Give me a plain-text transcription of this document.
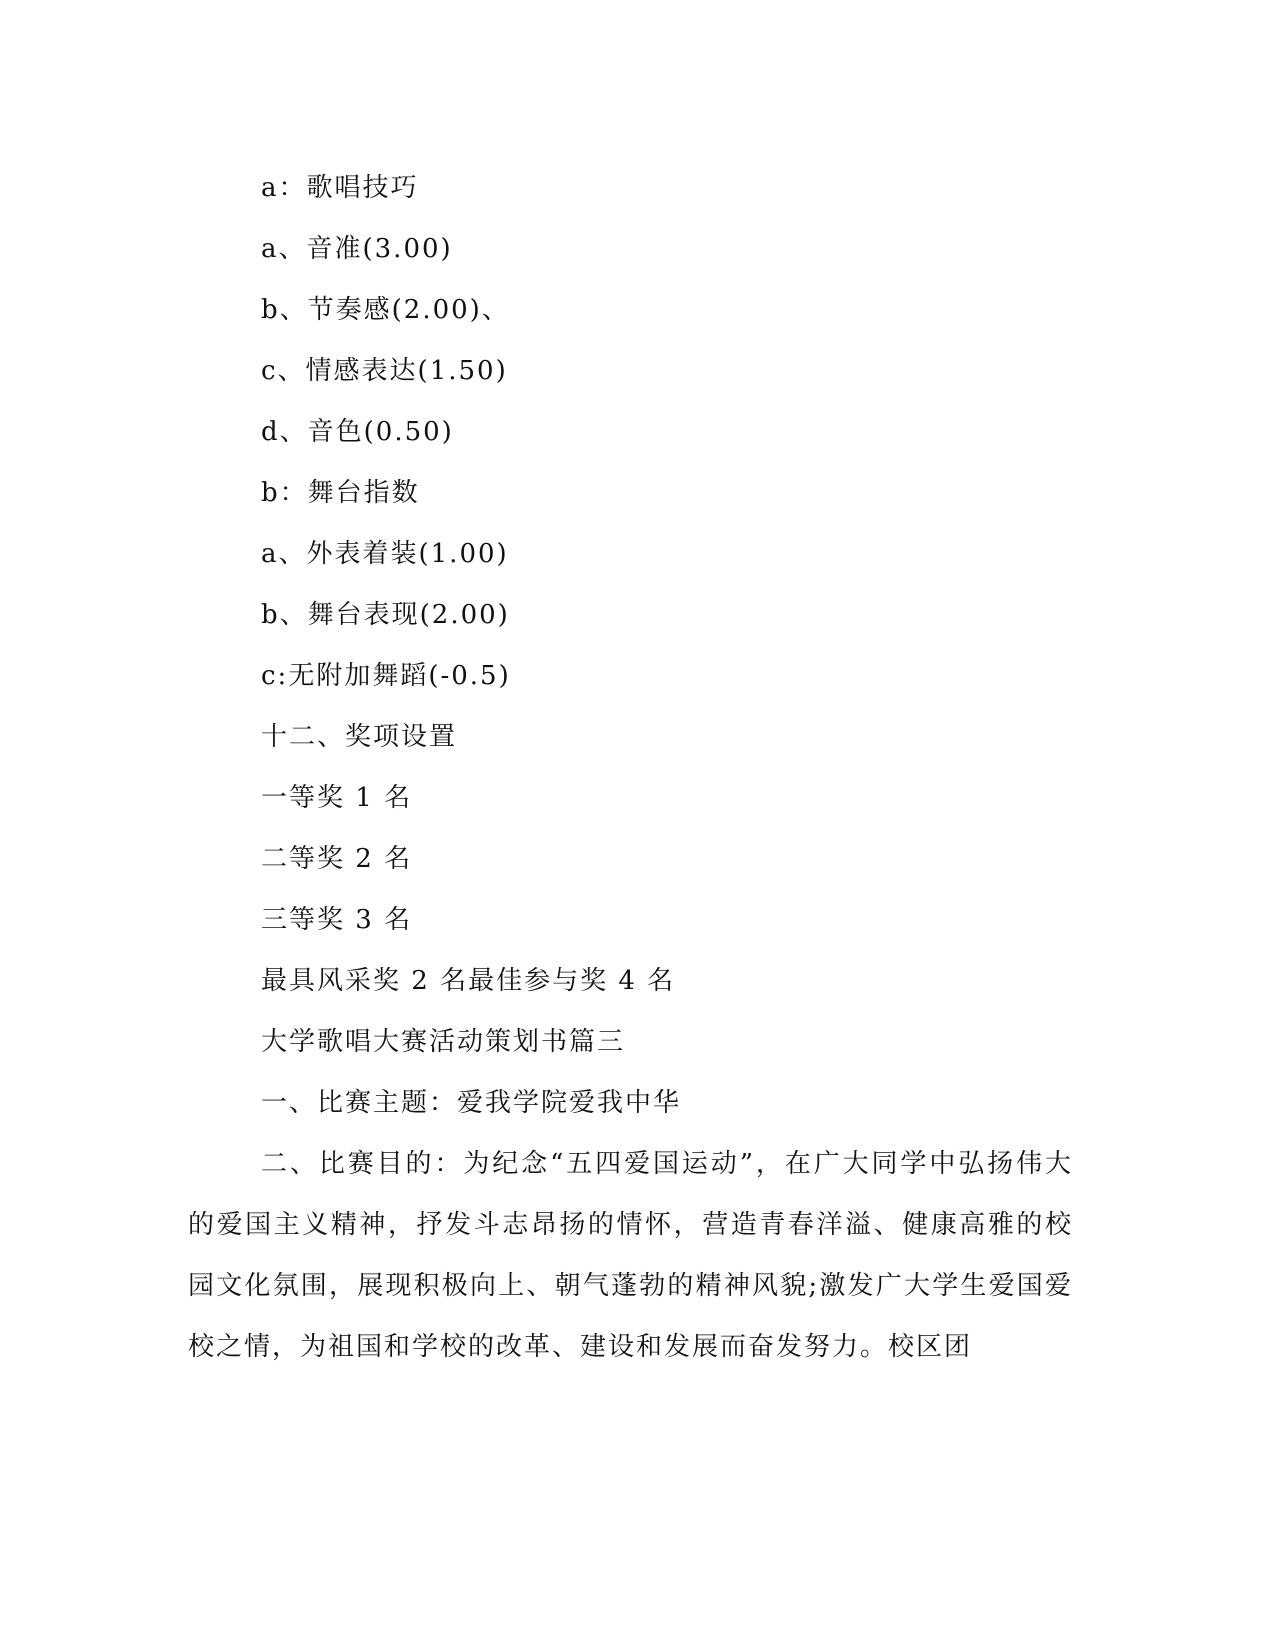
a：歌唱技巧
a、音准(3.00)
b、节奏感(2.00)、
c、情感表达(1.50)
d、音色(0.50)
b：舞台指数
a、外表着装(1.00)
b、舞台表现(2.00)
c:无附加舞蹈(-0.5)
十二、奖项设置
一等奖 1 名
二等奖 2 名
三等奖 3 名
最具风采奖 2 名最佳参与奖 4 名
大学歌唱大赛活动策划书篇三
一、比赛主题：爱我学院爱我中华

二、比赛目的：为纪念“五四爱国运动”，在广大同学中弘扬伟大的爱国主义精神，抒发斗志昂扬的情怀，营造青春洋溢、健康高雅的校园文化氛围，展现积极向上、朝气蓬勃的精神风貌;激发广大学生爱国爱校之情，为祖国和学校的改革、建设和发展而奋发努力。校区团
